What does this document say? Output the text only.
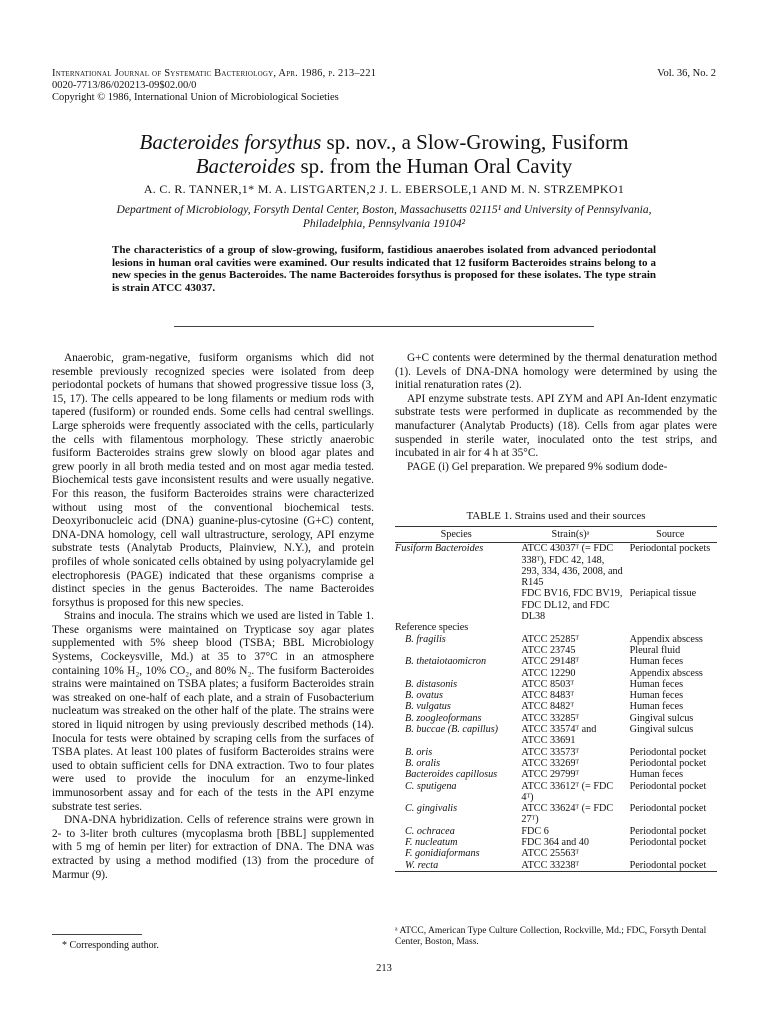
International Journal of Systematic Bacteriology, Apr. 1986, p. 213–221
0020-7713/86/020213-09$02.00/0
Copyright © 1986, International Union of Microbiological Societies
Vol. 36, No. 2
Bacteroides forsythus sp. nov., a Slow-Growing, Fusiform
Bacteroides sp. from the Human Oral Cavity
A. C. R. TANNER,1* M. A. LISTGARTEN,2 J. L. EBERSOLE,1 AND M. N. STRZEMPKO1
Department of Microbiology, Forsyth Dental Center, Boston, Massachusetts 02115¹ and University of Pennsylvania,
Philadelphia, Pennsylvania 19104²
The characteristics of a group of slow-growing, fusiform, fastidious anaerobes isolated from advanced periodontal lesions in human oral cavities were examined. Our results indicated that 12 fusiform Bacteroides strains belong to a new species in the genus Bacteroides. The name Bacteroides forsythus is proposed for these isolates. The type strain is strain ATCC 43037.

Anaerobic, gram-negative, fusiform organisms which did not resemble previously recognized species were isolated from deep periodontal pockets of humans that showed progressive tissue loss (3, 15, 17). The cells appeared to be long filaments or medium rods with tapered (fusiform) or rounded ends. Some cells had central swellings. Large spheroids were frequently associated with the cells, particularly the cells with filamentous morphology. These strictly anaerobic fusiform Bacteroides strains grew slowly on blood agar plates and grew poorly in all broth media tested and on most agar media tested. Biochemical tests gave inconsistent results and were usually negative. For this reason, the fusiform Bacteroides strains were characterized without using most of the conventional biochemical tests. Deoxyribonucleic acid (DNA) guanine-plus-cytosine (G+C) content, DNA-DNA homology, cell wall ultrastructure, serology, API enzyme substrate tests (Analytab Products, Plainview, N.Y.), and protein profiles of whole sonicated cells obtained by using polyacrylamide gel electrophoresis (PAGE) indicated that these organisms comprise a distinct species in the genus Bacteroides. The name Bacteroides forsythus is proposed for this new species.

Strains and inocula. The strains which we used are listed in Table 1. These organisms were maintained on Trypticase soy agar plates supplemented with 5% sheep blood (TSBA; BBL Microbiology Systems, Cockeysville, Md.) at 35 to 37°C in an atmosphere containing 10% H₂, 10% CO₂, and 80% N₂. The fusiform Bacteroides strains were maintained on TSBA plates; a fusiform Bacteroides strain was streaked on one-half of each plate, and a strain of Fusobacterium nucleatum was streaked on the other half of the plate. The strains were stored in liquid nitrogen by using previously described methods (14). Inocula for tests were obtained by scraping cells from the surfaces of TSBA plates. At least 100 plates of fusiform Bacteroides strains were used to obtain sufficient cells for DNA extraction. Two to four plates were used to provide the inoculum for an enzyme-linked immunosorbent assay and for each of the tests in the API enzyme substrate test series.

DNA-DNA hybridization. Cells of reference strains were grown in 2- to 3-liter broth cultures (mycoplasma broth [BBL] supplemented with 5 mg of hemin per liter) for extraction of DNA. The DNA was extracted by using a method modified (13) from the procedure of Marmur (9).

G+C contents were determined by the thermal denaturation method (1). Levels of DNA-DNA homology were determined by using the initial renaturation rates (2).

API enzyme substrate tests. API ZYM and API An-Ident enzymatic substrate tests were performed in duplicate as recommended by the manufacturer (Analytab Products) (18). Cells from agar plates were suspended in sterile water, inoculated onto the test strips, and incubated in air for 4 h at 35°C.

PAGE (i) Gel preparation. We prepared 9% sodium dode-

TABLE 1. Strains used and their sources
Species	Strain(s)ᵃ	Source
Fusiform Bacteroides	ATCC 43037ᵀ (= FDC 338ᵀ), FDC 42, 148, 293, 334, 436, 2008, and R145	Periodontal pockets
	FDC BV16, FDC BV19, FDC DL12, and FDC DL38	Periapical tissue
Reference species		
B. fragilis	ATCC 25285ᵀ	Appendix abscess
	ATCC 23745	Pleural fluid
B. thetaiotaomicron	ATCC 29148ᵀ	Human feces
	ATCC 12290	Appendix abscess
B. distasonis	ATCC 8503ᵀ	Human feces
B. ovatus	ATCC 8483ᵀ	Human feces
B. vulgatus	ATCC 8482ᵀ	Human feces
B. zoogleoformans	ATCC 33285ᵀ	Gingival sulcus
B. buccae (B. capillus)	ATCC 33574ᵀ and ATCC 33691	Gingival sulcus
B. oris	ATCC 33573ᵀ	Periodontal pocket
B. oralis	ATCC 33269ᵀ	Periodontal pocket
Bacteroides capillosus	ATCC 29799ᵀ	Human feces
C. sputigena	ATCC 33612ᵀ (= FDC 4ᵀ)	Periodontal pocket
C. gingivalis	ATCC 33624ᵀ (= FDC 27ᵀ)	Periodontal pocket
C. ochracea	FDC 6	Periodontal pocket
F. nucleatum	FDC 364 and 40	Periodontal pocket
F. gonidiaformans	ATCC 25563ᵀ	
W. recta	ATCC 33238ᵀ	Periodontal pocket
ᵃ ATCC, American Type Culture Collection, Rockville, Md.; FDC, Forsyth Dental Center, Boston, Mass.
* Corresponding author.
213
